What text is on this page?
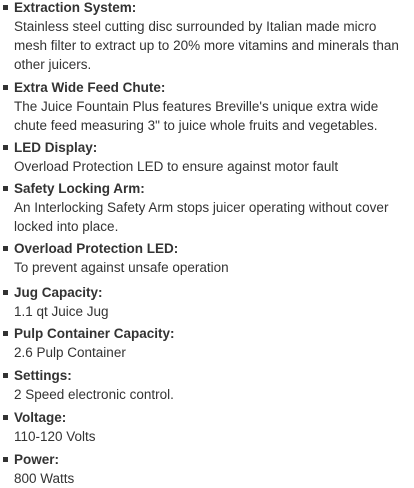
Extraction System:
Stainless steel cutting disc surrounded by Italian made micro mesh filter to extract up to 20% more vitamins and minerals than other juicers.
Extra Wide Feed Chute:
The Juice Fountain Plus features Breville's unique extra wide chute feed measuring 3" to juice whole fruits and vegetables.
LED Display:
Overload Protection LED to ensure against motor fault
Safety Locking Arm:
An Interlocking Safety Arm stops juicer operating without cover locked into place.
Overload Protection LED:
To prevent against unsafe operation
Jug Capacity:
1.1 qt Juice Jug
Pulp Container Capacity:
2.6 Pulp Container
Settings:
2 Speed electronic control.
Voltage:
110-120 Volts
Power:
800 Watts
